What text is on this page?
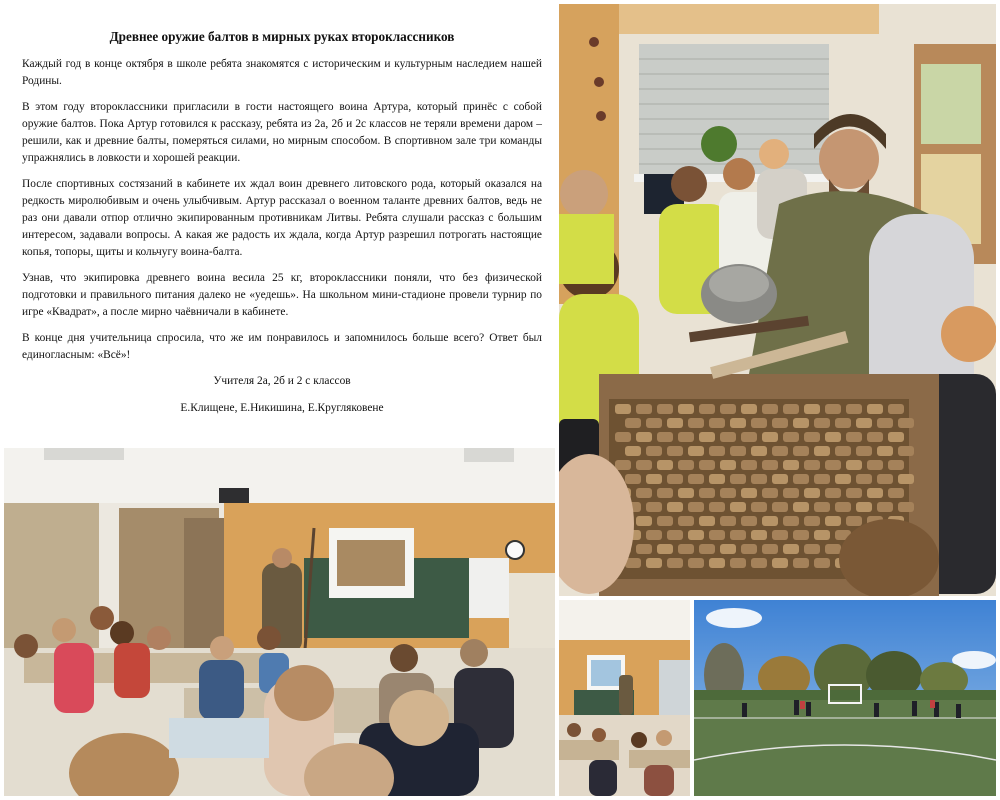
Древнее оружие балтов в мирных руках второклассников

Каждый год в конце октября в школе ребята знакомятся с историческим и культурным наследием нашей Родины.

В этом году второклассники пригласили в гости настоящего воина Артура, который принёс с собой оружие балтов. Пока Артур готовился к рассказу, ребята из 2а, 2б и 2с классов не теряли времени даром – решили, как и древние балты, померяться силами, но мирным способом. В спортивном зале три команды упражнялись в ловкости и хорошей реакции.

После спортивных состязаний в кабинете их ждал воин древнего литовского рода, который оказался на редкость миролюбивым и очень улыбчивым. Артур рассказал о военном таланте древних балтов, ведь не раз они давали отпор отлично экипированным противникам Литвы. Ребята слушали рассказ с большим интересом, задавали вопросы. А какая же радость их ждала, когда Артур разрешил потрогать настоящие копья, топоры, щиты и кольчугу воина-балта.

Узнав, что экипировка древнего воина весила 25 кг, второклассники поняли, что без физической подготовки и правильного питания далеко не «уедешь». На школьном мини-стадионе провели турнир по игре «Квадрат», а после мирно чаёвничали в кабинете.

В конце дня учительница спросила, что же им понравилось и запомнилось больше всего? Ответ был единогласным: «Всё»!

Учителя 2а, 2б и 2 с классов
Е.Клищене, Е.Никишина, Е.Кругляковене
